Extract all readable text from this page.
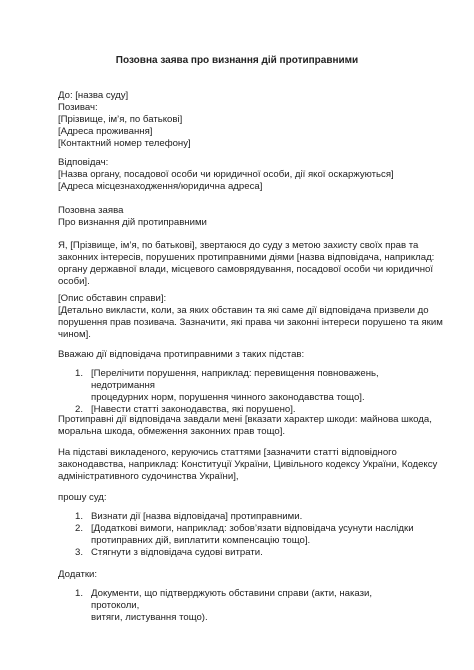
Позовна заява про визнання дій протиправними
До: [назва суду]
Позивач:
[Прізвище, ім’я, по батькові]
[Адреса проживання]
[Контактний номер телефону]
Відповідач:
[Назва органу, посадової особи чи юридичної особи, дії якої оскаржуються]
[Адреса місцезнаходження/юридична адреса]
Позовна заява
Про визнання дій протиправними
Я, [Прізвище, ім’я, по батькові], звертаюся до суду з метою захисту своїх прав та
законних інтересів, порушених протиправними діями [назва відповідача, наприклад:
органу державної влади, місцевого самоврядування, посадової особи чи юридичної
особи].
[Опис обставин справи]:
[Детально викласти, коли, за яких обставин та які саме дії відповідача призвели до
порушення прав позивача. Зазначити, які права чи законні інтереси порушено та яким
чином].
Вважаю дії відповідача протиправними з таких підстав:
1. [Перелічити порушення, наприклад: перевищення повноважень, недотримання
процедурних норм, порушення чинного законодавства тощо].
2. [Навести статті законодавства, які порушено].
Протиправні дії відповідача завдали мені [вказати характер шкоди: майнова шкода,
моральна шкода, обмеження законних прав тощо].
На підставі викладеного, керуючись статтями [зазначити статті відповідного
законодавства, наприклад: Конституції України, Цивільного кодексу України, Кодексу
адміністративного судочинства України],
прошу суд:
1. Визнати дії [назва відповідача] протиправними.
2. [Додаткові вимоги, наприклад: зобов’язати відповідача усунути наслідки
протиправних дій, виплатити компенсацію тощо].
3. Стягнути з відповідача судові витрати.
Додатки:
1. Документи, що підтверджують обставини справи (акти, накази, протоколи,
витяги, листування тощо).
